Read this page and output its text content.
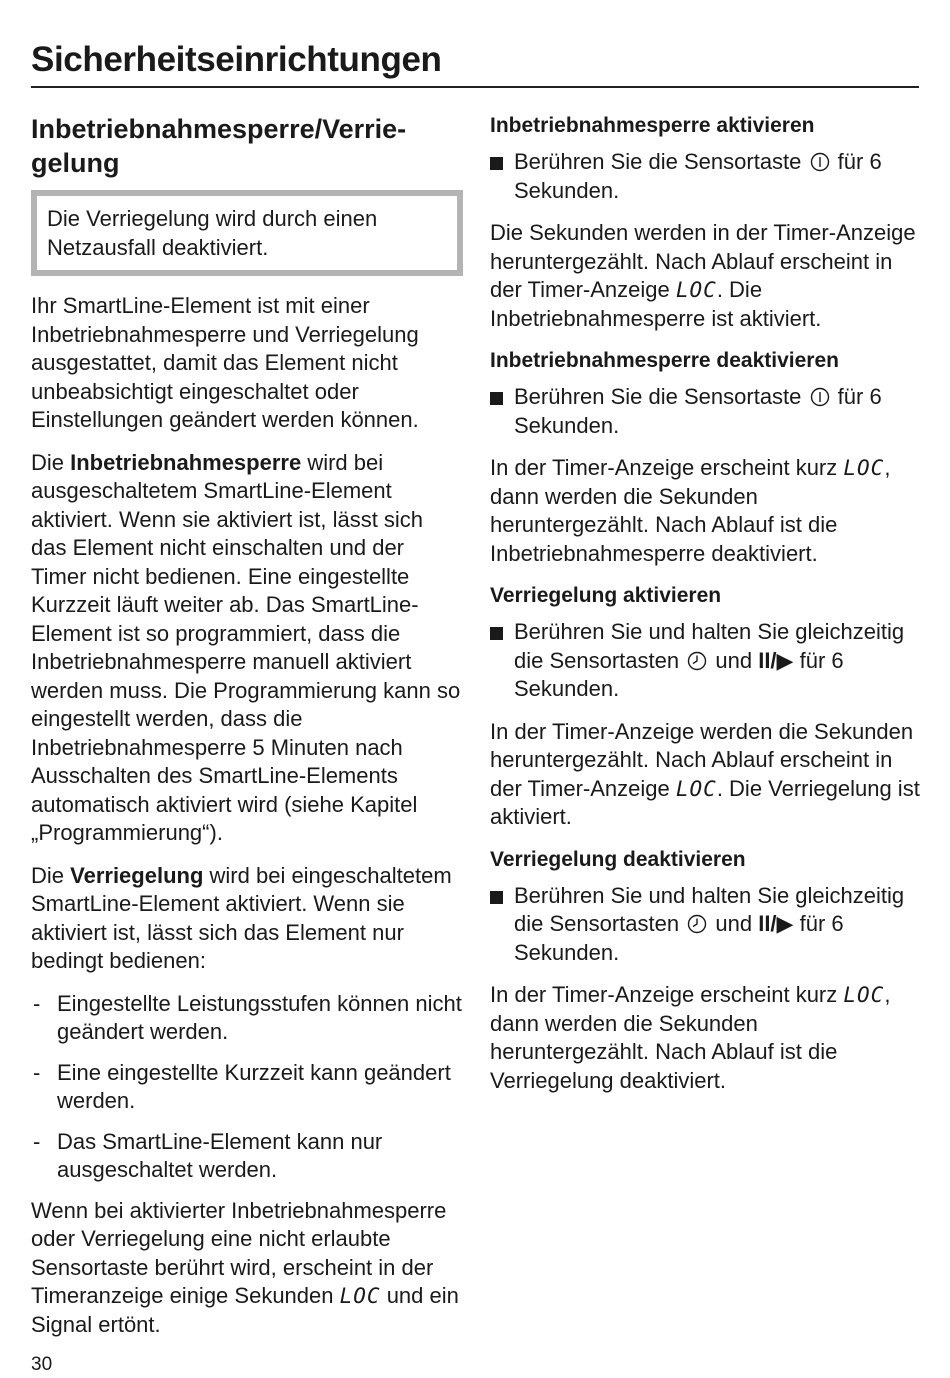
Sicherheitseinrichtungen
Inbetriebnahmesperre/Verrie-
gelung
Die Verriegelung wird durch einen Netzausfall deaktiviert.

Ihr SmartLine-Element ist mit einer Inbetriebnahmesperre und Verriegelung ausgestattet, damit das Element nicht unbeabsichtigt eingeschaltet oder Einstellungen geändert werden können.

Die Inbetriebnahmesperre wird bei ausgeschaltetem SmartLine-Element aktiviert. Wenn sie aktiviert ist, lässt sich das Element nicht einschalten und der Timer nicht bedienen. Eine eingestellte Kurzzeit läuft weiter ab. Das SmartLine-Element ist so programmiert, dass die Inbetriebnahmesperre manuell aktiviert werden muss. Die Programmierung kann so eingestellt werden, dass die Inbetriebnahmesperre 5 Minuten nach Ausschalten des SmartLine-Elements automatisch aktiviert wird (siehe Kapitel „Programmierung“).

Die Verriegelung wird bei eingeschaltetem SmartLine-Element aktiviert. Wenn sie aktiviert ist, lässt sich das Element nur bedingt bedienen:

- Eingestellte Leistungsstufen können nicht geändert werden.
- Eine eingestellte Kurzzeit kann geändert werden.
- Das SmartLine-Element kann nur ausgeschaltet werden.

Wenn bei aktivierter Inbetriebnahmesperre oder Verriegelung eine nicht erlaubte Sensortaste berührt wird, erscheint in der Timeranzeige einige Sekunden LOC und ein Signal ertönt.

Inbetriebnahmesperre aktivieren
Berühren Sie die Sensortaste für 6 Sekunden.

Die Sekunden werden in der Timer-Anzeige heruntergezählt. Nach Ablauf erscheint in der Timer-Anzeige LOC. Die Inbetriebnahmesperre ist aktiviert.

Inbetriebnahmesperre deaktivieren
Berühren Sie die Sensortaste für 6 Sekunden.

In der Timer-Anzeige erscheint kurz LOC, dann werden die Sekunden heruntergezählt. Nach Ablauf ist die Inbetriebnahmesperre deaktiviert.

Verriegelung aktivieren
Berühren Sie und halten Sie gleichzeitig die Sensortasten und II/▶ für 6 Sekunden.

In der Timer-Anzeige werden die Sekunden heruntergezählt. Nach Ablauf erscheint in der Timer-Anzeige LOC. Die Verriegelung ist aktiviert.

Verriegelung deaktivieren
Berühren Sie und halten Sie gleichzeitig die Sensortasten und II/▶ für 6 Sekunden.

In der Timer-Anzeige erscheint kurz LOC, dann werden die Sekunden heruntergezählt. Nach Ablauf ist die Verriegelung deaktiviert.

30
